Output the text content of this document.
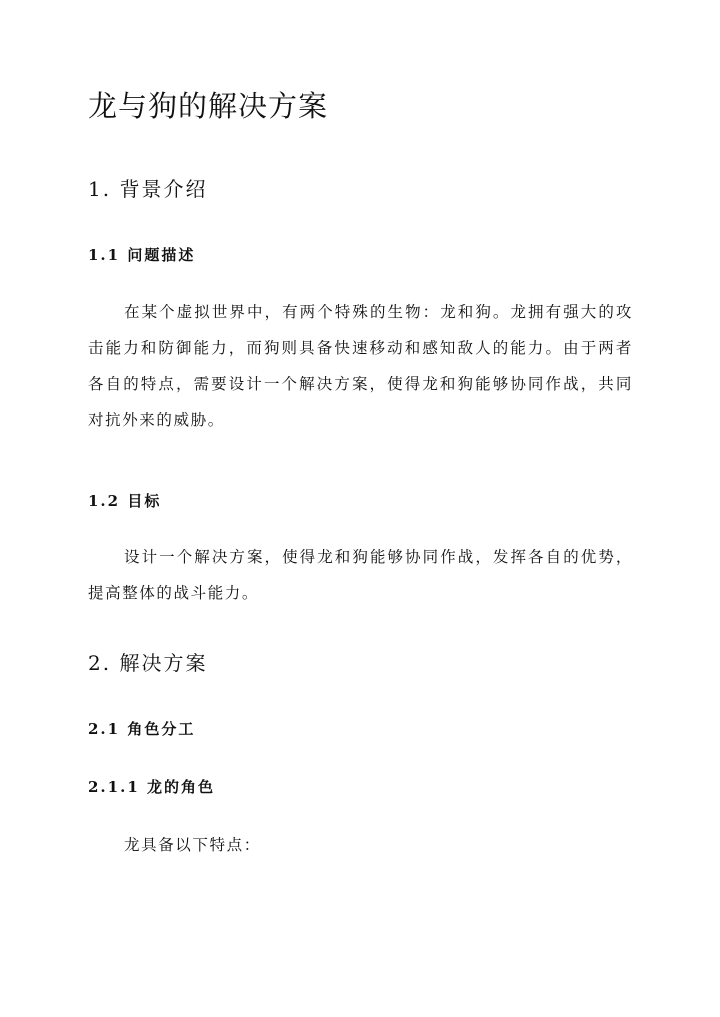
龙与狗的解决方案
1. 背景介绍
1.1 问题描述

在某个虚拟世界中，有两个特殊的生物：龙和狗。龙拥有强大的攻击能力和防御能力，而狗则具备快速移动和感知敌人的能力。由于两者各自的特点，需要设计一个解决方案，使得龙和狗能够协同作战，共同对抗外来的威胁。

1.2 目标

设计一个解决方案，使得龙和狗能够协同作战，发挥各自的优势，提高整体的战斗能力。

2. 解决方案
2.1 角色分工
2.1.1 龙的角色

龙具备以下特点：
